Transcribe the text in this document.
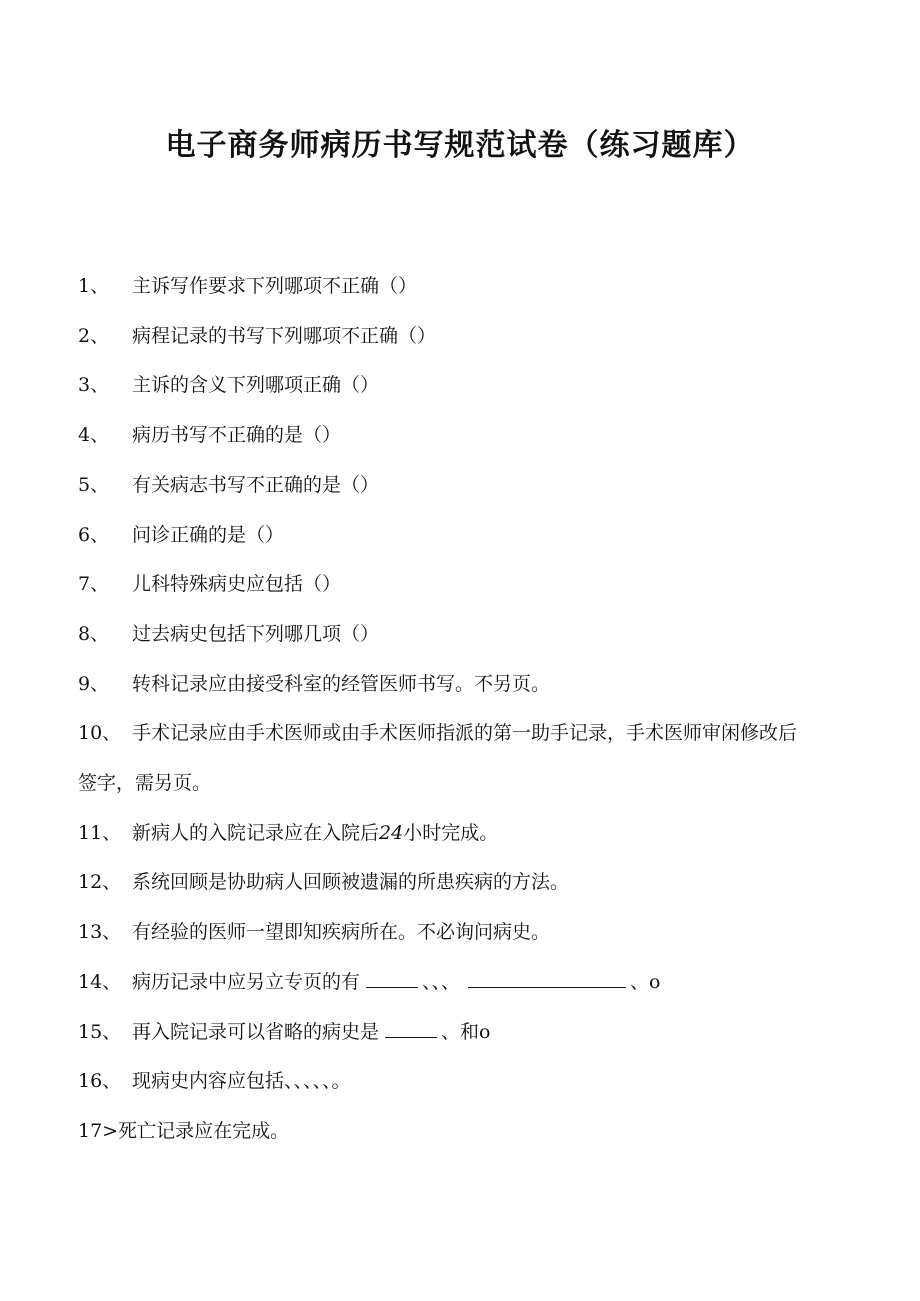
电子商务师病历书写规范试卷（练习题库）
1、	主诉写作要求下列哪项不正确（）
2、	病程记录的书写下列哪项不正确（）
3、	主诉的含义下列哪项正确（）
4、	病历书写不正确的是（）
5、	有关病志书写不正确的是（）
6、	问诊正确的是（）
7、	儿科特殊病史应包括（）
8、	过去病史包括下列哪几项（）
9、	转科记录应由接受科室的经管医师书写。不另页。
10、 手术记录应由手术医师或由手术医师指派的第一助手记录，手术医师审闲修改后签字，需另页。
11、 新病人的入院记录应在入院后24小时完成。
12、 系统回顾是协助病人回顾被遗漏的所患疾病的方法。
13、 有经验的医师一望即知疾病所在。不必询问病史。
14、 病历记录中应另立专页的有	、、、	、o
15、 再入院记录可以省略的病史是	、和o
16、 现病史内容应包括、、、、、。
17> 死亡记录应在完成。
